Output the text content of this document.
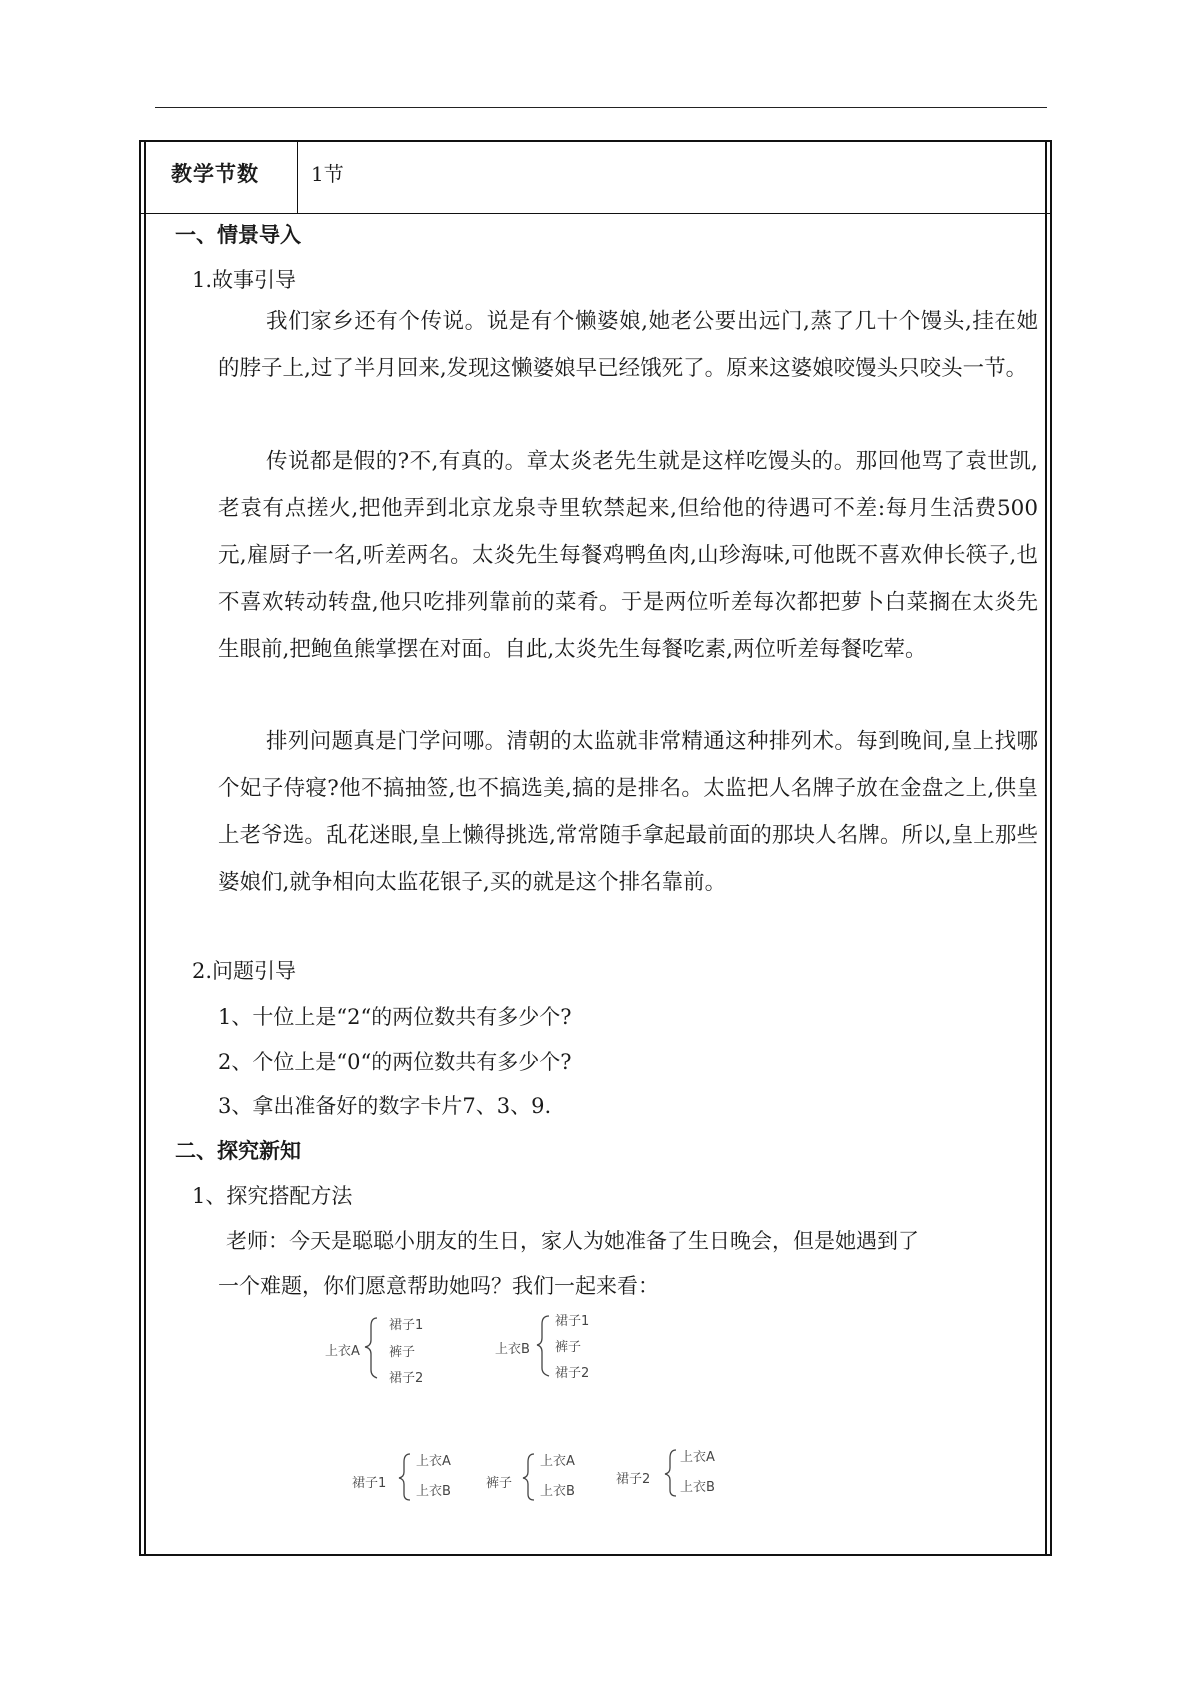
教学节数	1节
一、情景导入
1.故事引导
我们家乡还有个传说。说是有个懒婆娘,她老公要出远门,蒸了几十个馒头,挂在她的脖子上,过了半月回来,发现这懒婆娘早已经饿死了。原来这婆娘咬馒头只咬头一节。
传说都是假的?不,有真的。章太炎老先生就是这样吃馒头的。那回他骂了袁世凯,老袁有点搓火,把他弄到北京龙泉寺里软禁起来,但给他的待遇可不差:每月生活费500元,雇厨子一名,听差两名。太炎先生每餐鸡鸭鱼肉,山珍海味,可他既不喜欢伸长筷子,也不喜欢转动转盘,他只吃排列靠前的菜肴。于是两位听差每次都把萝卜白菜搁在太炎先生眼前,把鲍鱼熊掌摆在对面。自此,太炎先生每餐吃素,两位听差每餐吃荤。
排列问题真是门学问哪。清朝的太监就非常精通这种排列术。每到晚间,皇上找哪个妃子侍寝?他不搞抽签,也不搞选美,搞的是排名。太监把人名牌子放在金盘之上,供皇上老爷选。乱花迷眼,皇上懒得挑选,常常随手拿起最前面的那块人名牌。所以,皇上那些婆娘们,就争相向太监花银子,买的就是这个排名靠前。
2.问题引导
1、十位上是“2“的两位数共有多少个?
2、个位上是“0“的两位数共有多少个?
3、拿出准备好的数字卡片7、3、9.
二、探究新知
1、探究搭配方法
老师：今天是聪聪小朋友的生日，家人为她准备了生日晚会，但是她遇到了
一个难题，你们愿意帮助她吗？我们一起来看：
上衣A
裙子1
裤子
裙子2
上衣B
裙子1
裤子
裙子2
裙子1
上衣A
上衣B
裤子
上衣A
上衣B
裙子2
上衣A
上衣B
